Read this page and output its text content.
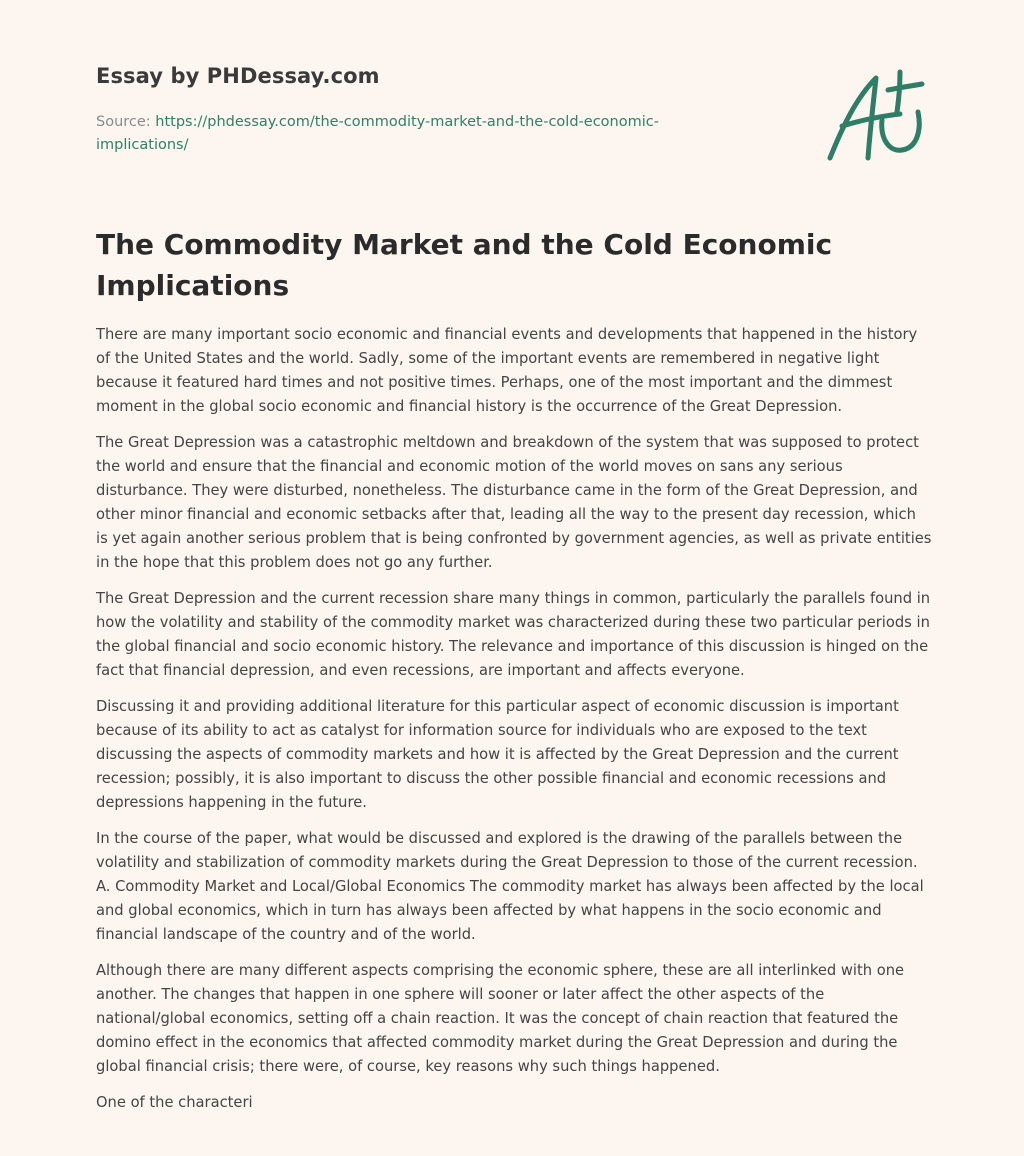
Essay by PHDessay.com
Source: https://phdessay.com/the-commodity-market-and-the-cold-economic-implications/
The Commodity Market and the Cold Economic Implications

There are many important socio economic and financial events and developments that happened in the history of the United States and the world. Sadly, some of the important events are remembered in negative light because it featured hard times and not positive times. Perhaps, one of the most important and the dimmest moment in the global socio economic and financial history is the occurrence of the Great Depression.

The Great Depression was a catastrophic meltdown and breakdown of the system that was supposed to protect the world and ensure that the financial and economic motion of the world moves on sans any serious disturbance. They were disturbed, nonetheless. The disturbance came in the form of the Great Depression, and other minor financial and economic setbacks after that, leading all the way to the present day recession, which is yet again another serious problem that is being confronted by government agencies, as well as private entities in the hope that this problem does not go any further.

The Great Depression and the current recession share many things in common, particularly the parallels found in how the volatility and stability of the commodity market was characterized during these two particular periods in the global financial and socio economic history. The relevance and importance of this discussion is hinged on the fact that financial depression, and even recessions, are important and affects everyone.

Discussing it and providing additional literature for this particular aspect of economic discussion is important because of its ability to act as catalyst for information source for individuals who are exposed to the text discussing the aspects of commodity markets and how it is affected by the Great Depression and the current recession; possibly, it is also important to discuss the other possible financial and economic recessions and depressions happening in the future.

In the course of the paper, what would be discussed and explored is the drawing of the parallels between the volatility and stabilization of commodity markets during the Great Depression to those of the current recession. A. Commodity Market and Local/Global Economics The commodity market has always been affected by the local and global economics, which in turn has always been affected by what happens in the socio economic and financial landscape of the country and of the world.

Although there are many different aspects comprising the economic sphere, these are all interlinked with one another. The changes that happen in one sphere will sooner or later affect the other aspects of the national/global economics, setting off a chain reaction. It was the concept of chain reaction that featured the domino effect in the economics that affected commodity market during the Great Depression and during the global financial crisis; there were, of course, key reasons why such things happened.

One of the characteri
